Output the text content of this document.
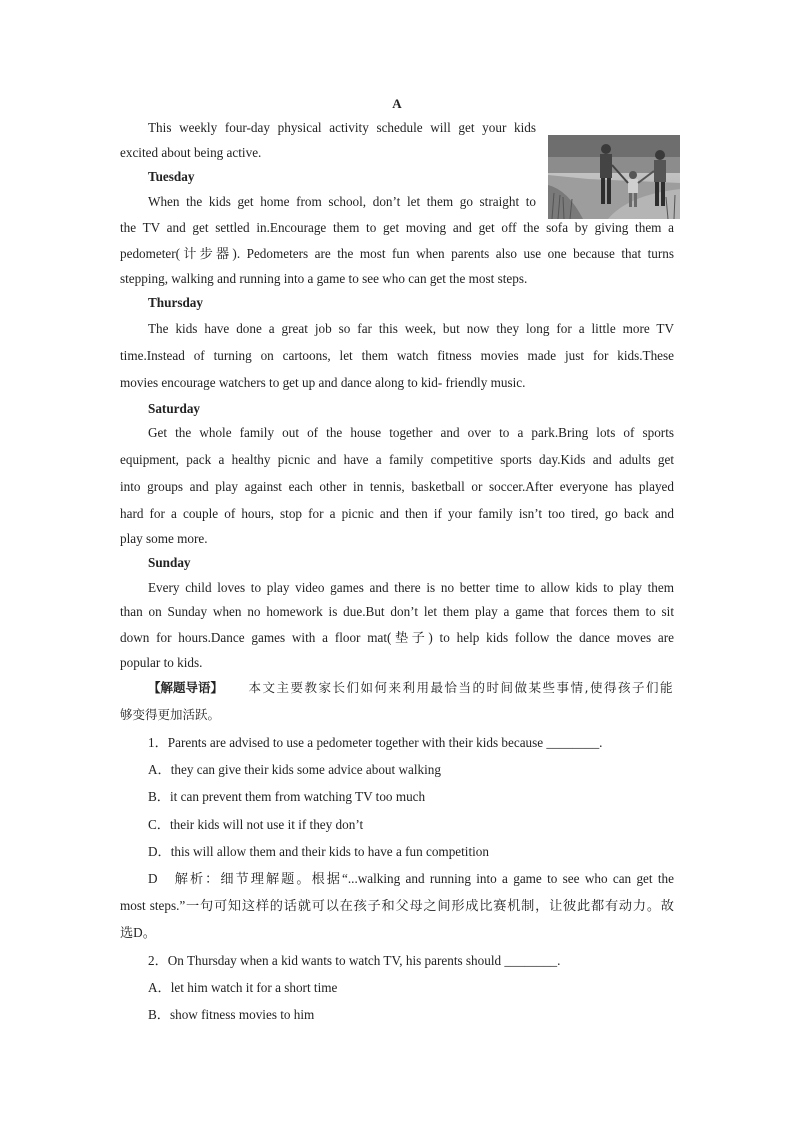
A
This weekly four-day physical activity schedule will get your kids
excited about being active.
Tuesday
When the kids get home from school, don’t let them go straight to
the TV and get settled in.Encourage them to get moving and get off the sofa by giving them a
pedometer(计步器). Pedometers are the most fun when parents also use one because that turns
stepping, walking and running into a game to see who can get the most steps.
Thursday
The kids have done a great job so far this week, but now they long for a little more TV
time.Instead of turning on cartoons, let them watch fitness movies made just for kids.These
movies encourage watchers to get up and dance along to kid- friendly music.
Saturday
Get the whole family out of the house together and over to a park.Bring lots of sports
equipment, pack a healthy picnic and have a family competitive sports day.Kids and adults get
into groups and play against each other in tennis, basketball or soccer.After everyone has played
hard for a couple of hours, stop for a picnic and then if your family isn’t too tired, go back and
play some more.
Sunday
Every child loves to play video games and there is no better time to allow kids to play them
than on Sunday when no homework is due.But don’t let them play a game that forces them to sit
down for hours.Dance games with a floor mat(垫子) to help kids follow the dance moves are
popular to kids.
【解题导语】 本文主要教家长们如何来利用最恰当的时间做某些事情,使得孩子们能
够变得更加活跃。
1．Parents are advised to use a pedometer together with their kids because ________.
A．they can give their kids some advice about walking
B．it can prevent them from watching TV too much
C．their kids will not use it if they don’t
D．this will allow them and their kids to have a fun competition
D　解析：细节理解题。根据“...walking and running into a game to see who can get the
most steps.”一句可知这样的话就可以在孩子和父母之间形成比赛机制，让彼此都有动力。故
选D。
2．On Thursday when a kid wants to watch TV, his parents should ________.
A．let him watch it for a short time
B．show fitness movies to him
